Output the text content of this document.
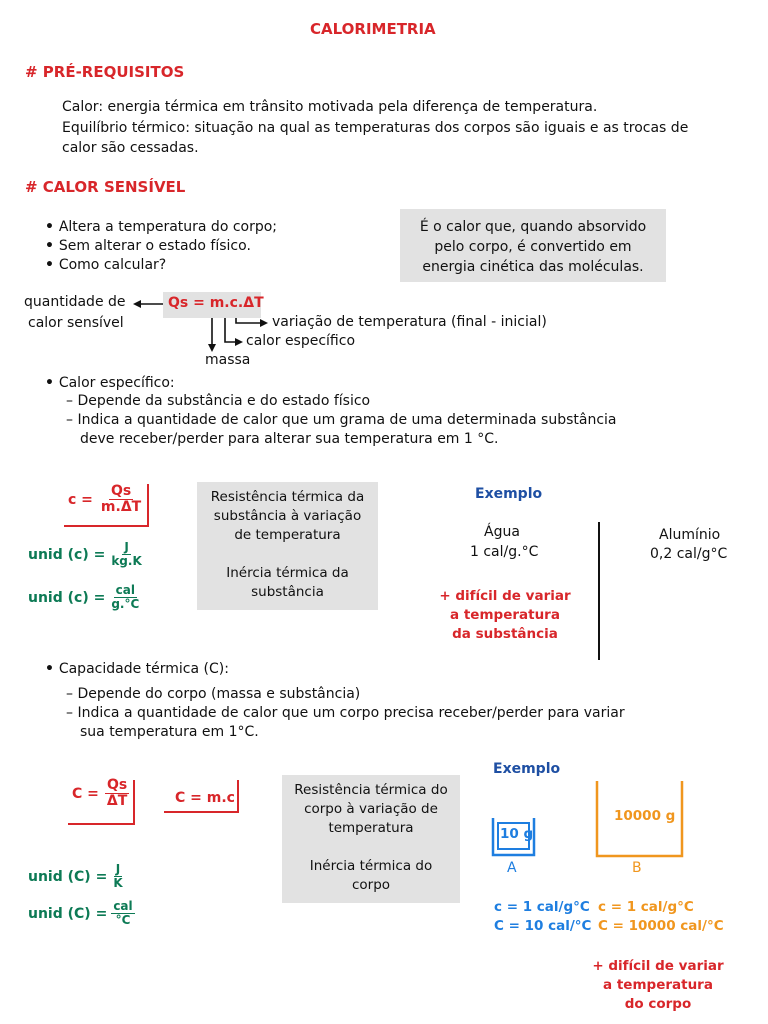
CALORIMETRIA
# PRÉ-REQUISITOS
Calor: energia térmica em trânsito motivada pela diferença de temperatura.
Equilíbrio térmico: situação na qual as temperaturas dos corpos são iguais e as trocas de
calor são cessadas.
# CALOR SENSÍVEL
• Altera a temperatura do corpo;
• Sem alterar o estado físico.
• Como calcular?
É o calor que, quando absorvido
pelo corpo, é convertido em
energia cinética das moléculas.
quantidade de
calor sensível
Qs = m.c.ΔT
variação de temperatura (final - inicial)
calor específico
massa
• Calor específico:
– Depende da substância e do estado físico
– Indica a quantidade de calor que um grama de uma determinada substância
deve receber/perder para alterar sua temperatura em 1 °C.
$c = \frac{Qs}{m.\Delta T}$
unid $(c) = \frac{J}{kg.K}$
unid $(c) = \frac{\text{cal}}{g.^\circ C}$
Resistência térmica da
substância à variação
de temperatura
Inércia térmica da
substância
Exemplo
Água
1 cal/g.°C
Alumínio
0,2 cal/g°C
+ difícil de variar
a temperatura
da substância
• Capacidade térmica (C):
– Depende do corpo (massa e substância)
– Indica a quantidade de calor que um corpo precisa receber/perder para variar
sua temperatura em 1°C.
$C = \frac{Qs}{\Delta T}$	C = m.c
unid $(C) = \frac{J}{K}$
unid $(C) = \frac{\text{cal}}{^\circ C}$
Resistência térmica do
corpo à variação de
temperatura
Inércia térmica do
corpo
Exemplo
10 g
A
10000 g
B
c = 1 cal/g°C
C = 10 cal/°C
c = 1 cal/g°C
C = 10000 cal/°C
+ difícil de variar
a temperatura
do corpo
